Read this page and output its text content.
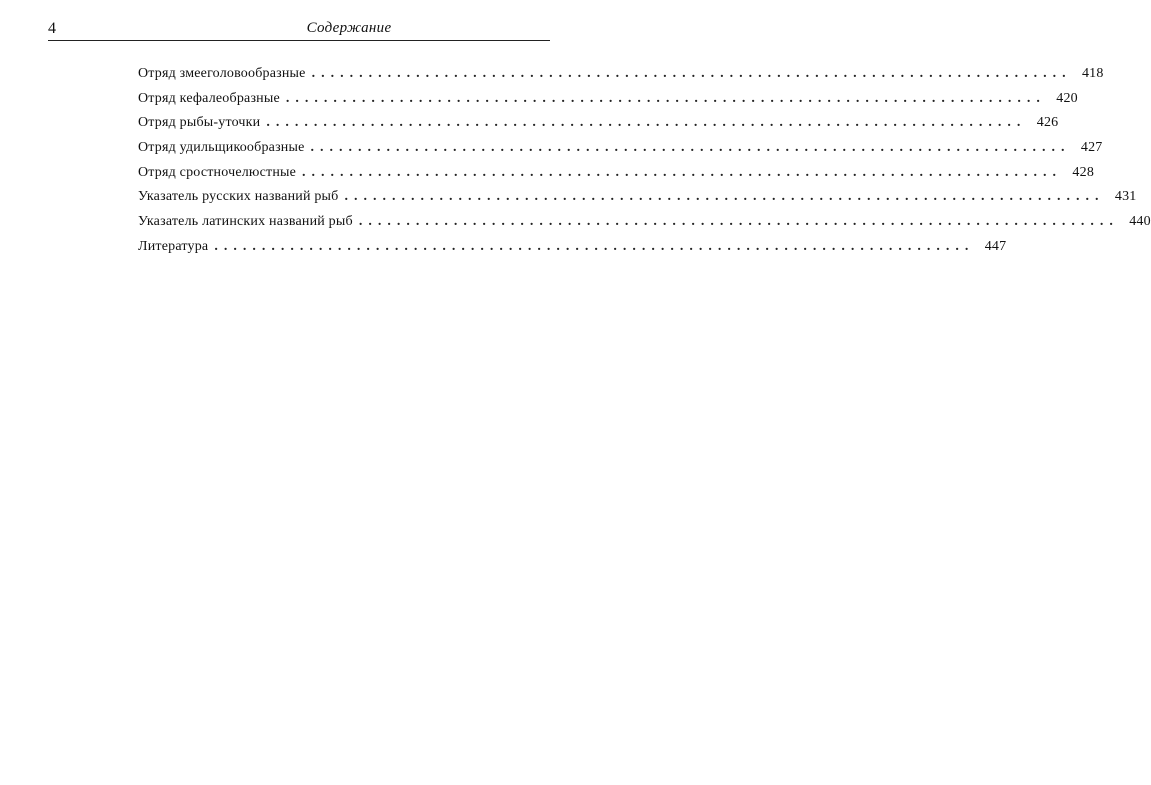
4	Содержание
Отряд змееголовообразные ................................................................................ 418
Отряд кефалеобразные ................................................................................ 420
Отряд рыбы-уточки ................................................................................ 426
Отряд удильщикообразные ................................................................................ 427
Отряд сростночелюстные ................................................................................ 428
Указатель русских названий рыб ................................................................................ 431
Указатель латинских названий рыб ................................................................................ 440
Литература ................................................................................ 447
